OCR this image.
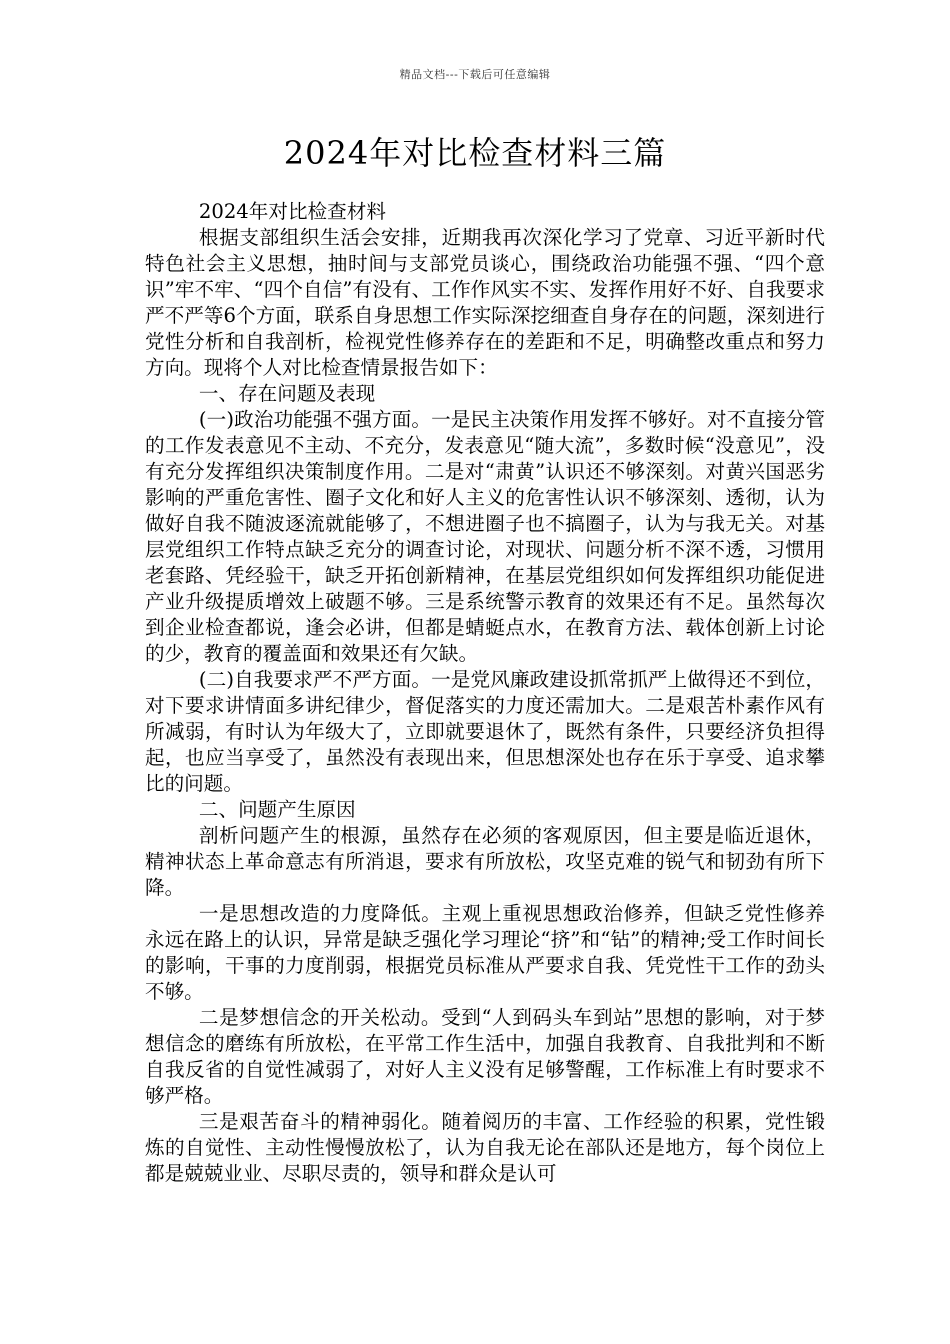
精品文档---下载后可任意编辑
2024年对比检查材料三篇

2024年对比检查材料

根据支部组织生活会安排，近期我再次深化学习了党章、习近平新时代特色社会主义思想，抽时间与支部党员谈心，围绕政治功能强不强、“四个意识”牢不牢、“四个自信”有没有、工作作风实不实、发挥作用好不好、自我要求严不严等6个方面，联系自身思想工作实际深挖细查自身存在的问题，深刻进行党性分析和自我剖析，检视党性修养存在的差距和不足，明确整改重点和努力方向。现将个人对比检查情景报告如下：

一、存在问题及表现

(一)政治功能强不强方面。一是民主决策作用发挥不够好。对不直接分管的工作发表意见不主动、不充分，发表意见“随大流”，多数时候“没意见”，没有充分发挥组织决策制度作用。二是对“肃黄”认识还不够深刻。对黄兴国恶劣影响的严重危害性、圈子文化和好人主义的危害性认识不够深刻、透彻，认为做好自我不随波逐流就能够了，不想进圈子也不搞圈子，认为与我无关。对基层党组织工作特点缺乏充分的调查讨论，对现状、问题分析不深不透，习惯用老套路、凭经验干，缺乏开拓创新精神，在基层党组织如何发挥组织功能促进产业升级提质增效上破题不够。三是系统警示教育的效果还有不足。虽然每次到企业检查都说，逢会必讲，但都是蜻蜓点水，在教育方法、载体创新上讨论的少，教育的覆盖面和效果还有欠缺。

(二)自我要求严不严方面。一是党风廉政建设抓常抓严上做得还不到位，对下要求讲情面多讲纪律少，督促落实的力度还需加大。二是艰苦朴素作风有所减弱，有时认为年级大了，立即就要退休了，既然有条件，只要经济负担得起，也应当享受了，虽然没有表现出来，但思想深处也存在乐于享受、追求攀比的问题。

二、问题产生原因

剖析问题产生的根源，虽然存在必须的客观原因，但主要是临近退休，精神状态上革命意志有所消退，要求有所放松，攻坚克难的锐气和韧劲有所下降。

一是思想改造的力度降低。主观上重视思想政治修养，但缺乏党性修养永远在路上的认识，异常是缺乏强化学习理论“挤”和“钻”的精神;受工作时间长的影响，干事的力度削弱，根据党员标准从严要求自我、凭党性干工作的劲头不够。

二是梦想信念的开关松动。受到“人到码头车到站”思想的影响，对于梦想信念的磨练有所放松，在平常工作生活中，加强自我教育、自我批判和不断自我反省的自觉性减弱了，对好人主义没有足够警醒，工作标准上有时要求不够严格。

三是艰苦奋斗的精神弱化。随着阅历的丰富、工作经验的积累，党性锻炼的自觉性、主动性慢慢放松了，认为自我无论在部队还是地方，每个岗位上都是兢兢业业、尽职尽责的，领导和群众是认可
